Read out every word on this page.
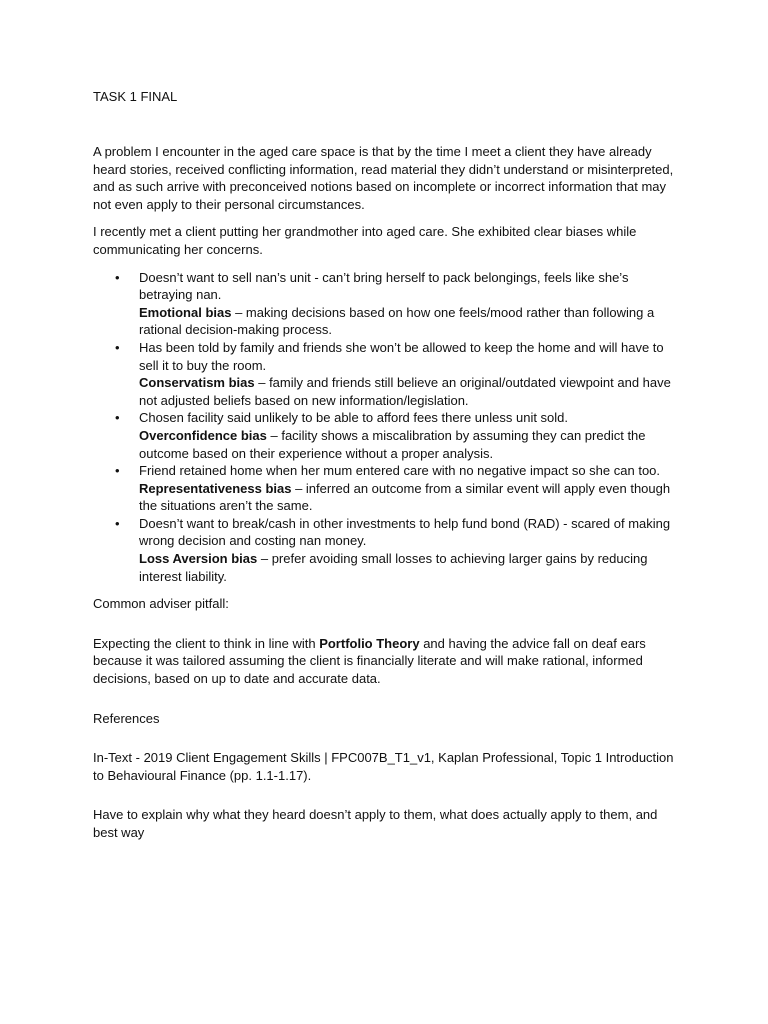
TASK 1 FINAL

A problem I encounter in the aged care space is that by the time I meet a client they have already heard stories, received conflicting information, read material they didn’t understand or misinterpreted, and as such arrive with preconceived notions based on incomplete or incorrect information that may not even apply to their personal circumstances.

I recently met a client putting her grandmother into aged care. She exhibited clear biases while communicating her concerns.

• Doesn’t want to sell nan’s unit - can’t bring herself to pack belongings, feels like she’s betraying nan.
Emotional bias – making decisions based on how one feels/mood rather than following a rational decision-making process.
• Has been told by family and friends she won’t be allowed to keep the home and will have to sell it to buy the room.
Conservatism bias – family and friends still believe an original/outdated viewpoint and have not adjusted beliefs based on new information/legislation.
• Chosen facility said unlikely to be able to afford fees there unless unit sold.
Overconfidence bias – facility shows a miscalibration by assuming they can predict the outcome based on their experience without a proper analysis.
• Friend retained home when her mum entered care with no negative impact so she can too.
Representativeness bias – inferred an outcome from a similar event will apply even though the situations aren’t the same.
• Doesn’t want to break/cash in other investments to help fund bond (RAD) - scared of making wrong decision and costing nan money.
Loss Aversion bias – prefer avoiding small losses to achieving larger gains by reducing interest liability.

Common adviser pitfall:

Expecting the client to think in line with Portfolio Theory and having the advice fall on deaf ears because it was tailored assuming the client is financially literate and will make rational, informed decisions, based on up to date and accurate data.

References

In-Text - 2019 Client Engagement Skills | FPC007B_T1_v1, Kaplan Professional, Topic 1 Introduction to Behavioural Finance (pp. 1.1-1.17).

Have to explain why what they heard doesn’t apply to them, what does actually apply to them, and best way
